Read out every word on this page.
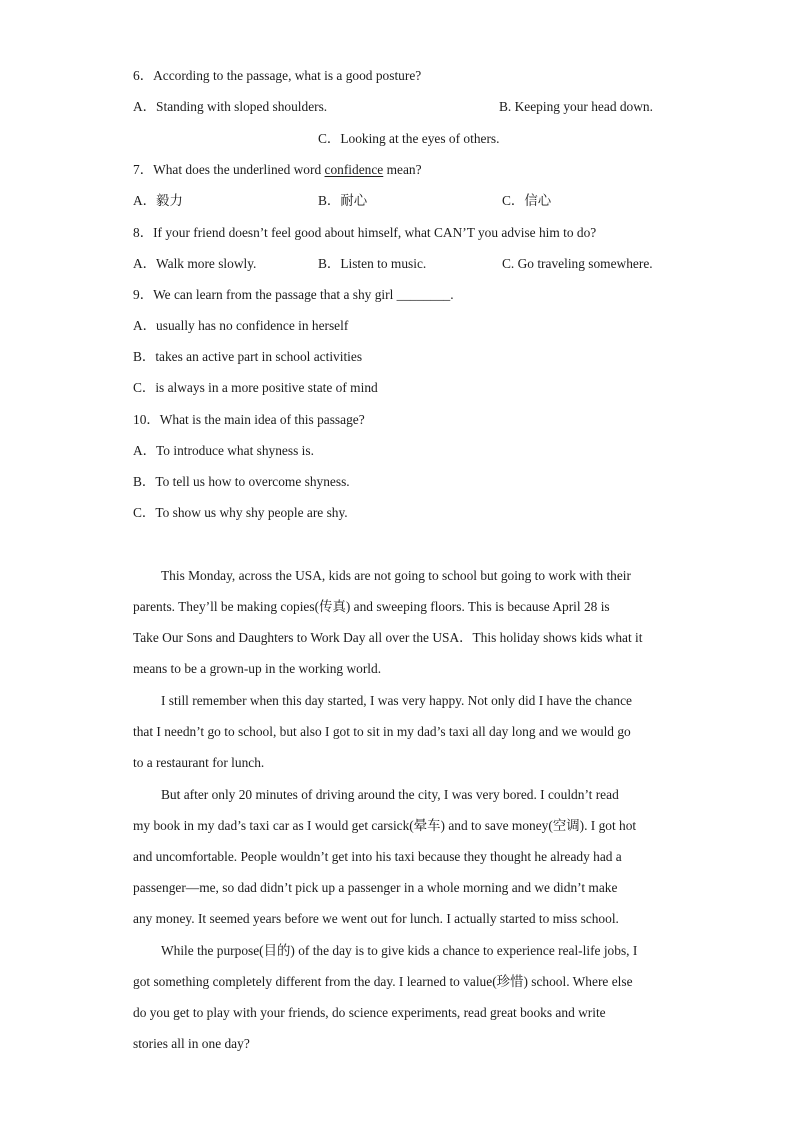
6．According to the passage, what is a good posture?
A．Standing with sloped shoulders.	B. Keeping your head down.
C．Looking at the eyes of others.
7．What does the underlined word confidence mean?
A．毅力	B．耐心	C．信心
8．If your friend doesn’t feel good about himself, what CAN’T you advise him to do?
A．Walk more slowly.	B．Listen to music.	C. Go traveling somewhere.
9．We can learn from the passage that a shy girl ________.
A．usually has no confidence in herself
B．takes an active part in school activities
C．is always in a more positive state of mind
10．What is the main idea of this passage?
A．To introduce what shyness is.
B．To tell us how to overcome shyness.
C．To show us why shy people are shy.
This Monday, across the USA, kids are not going to school but going to work with their
parents. They’ll be making copies(传真) and sweeping floors. This is because April 28 is
Take Our Sons and Daughters to Work Day all over the USA．This holiday shows kids what it
means to be a grown-up in the working world.
I still remember when this day started, I was very happy. Not only did I have the chance
that I needn’t go to school, but also I got to sit in my dad’s taxi all day long and we would go
to a restaurant for lunch.
But after only 20 minutes of driving around the city, I was very bored. I couldn’t read
my book in my dad’s taxi car as I would get carsick(晕车) and to save money(空调). I got hot
and uncomfortable. People wouldn’t get into his taxi because they thought he already had a
passenger—me, so dad didn’t pick up a passenger in a whole morning and we didn’t make
any money. It seemed years before we went out for lunch. I actually started to miss school.
While the purpose(目的) of the day is to give kids a chance to experience real-life jobs, I
got something completely different from the day. I learned to value(珍惜) school. Where else
do you get to play with your friends, do science experiments, read great books and write
stories all in one day?
